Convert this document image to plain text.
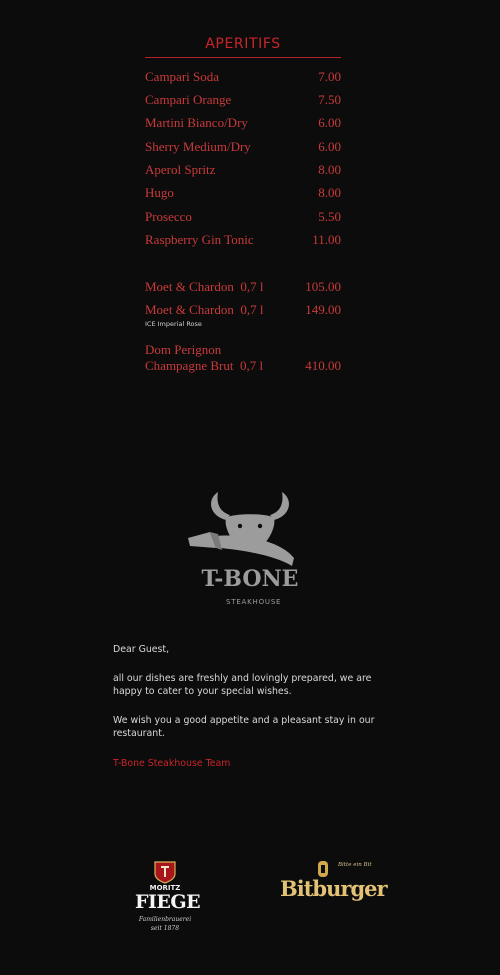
APERITIFS
Campari Soda	7.00
Campari Orange	7.50
Martini Bianco/Dry	6.00
Sherry Medium/Dry	6.00
Aperol Spritz	8.00
Hugo	8.00
Prosecco	5.50
Raspberry Gin Tonic	11.00
Moet & Chardon  0,7 l	105.00
Moet & Chardon  0,7 l	149.00
ICE Imperial Rose
Dom Perignon
Champagne Brut  0,7 l	410.00
T-BONE
STEAKHOUSE
Dear Guest,
all our dishes are freshly and lovingly prepared, we are happy to cater to your special wishes.
We wish you a good appetite and a pleasant stay in our restaurant.
T-Bone Steakhouse Team
MORITZ
FIEGE
Familienbrauerei
seit 1878
Bitte ein Bit
Bitburger
